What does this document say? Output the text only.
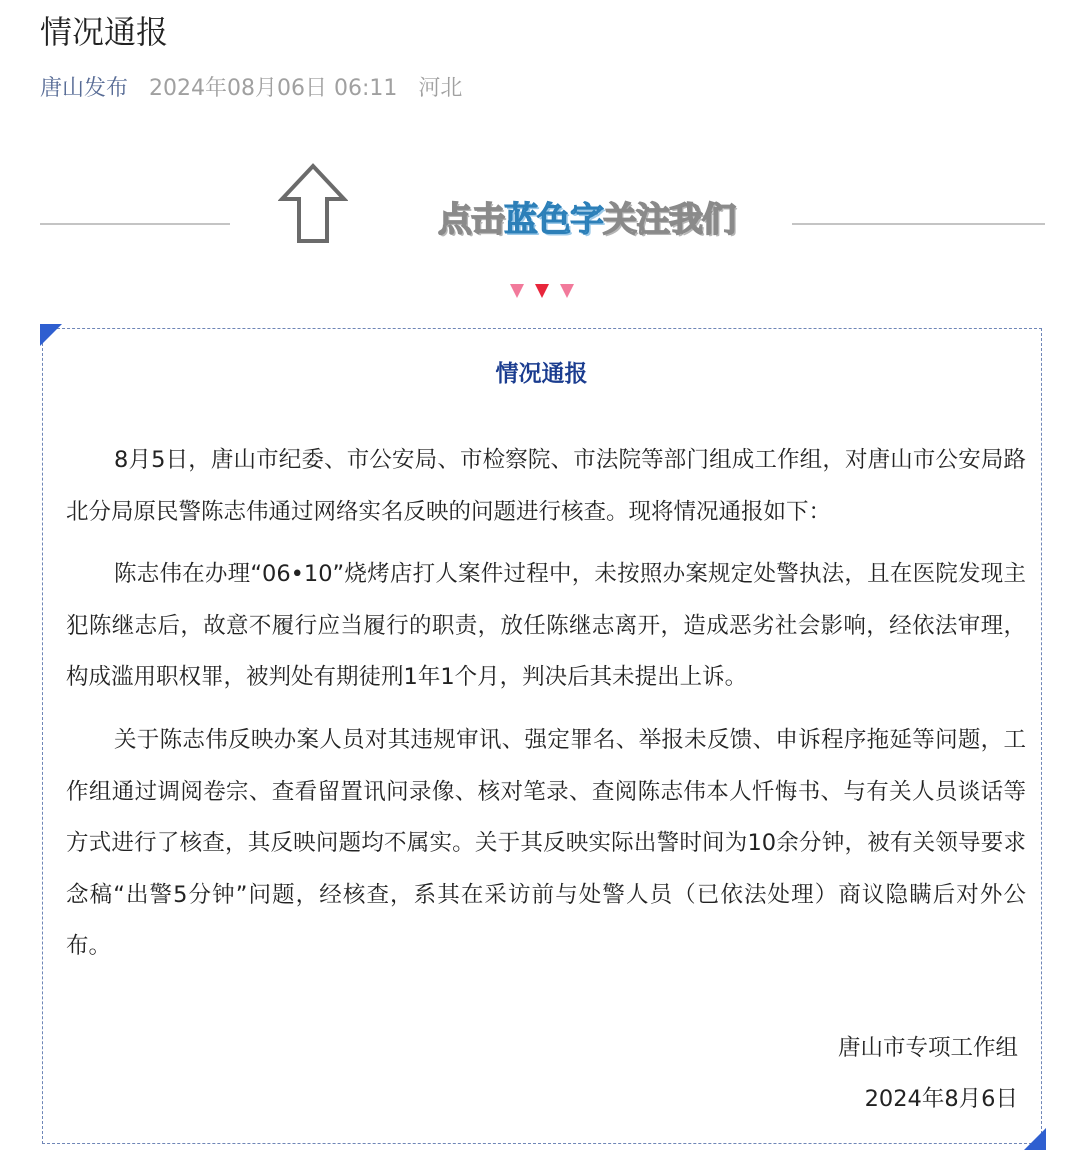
情况通报
唐山发布 2024年08月06日 06:11 河北
点击蓝色字关注我们
情况通报

8月5日，唐山市纪委、市公安局、市检察院、市法院等部门组成工作组，对唐山市公安局路北分局原民警陈志伟通过网络实名反映的问题进行核查。现将情况通报如下：

陈志伟在办理“06•10”烧烤店打人案件过程中，未按照办案规定处警执法，且在医院发现主犯陈继志后，故意不履行应当履行的职责，放任陈继志离开，造成恶劣社会影响，经依法审理，构成滥用职权罪，被判处有期徒刑1年1个月，判决后其未提出上诉。

关于陈志伟反映办案人员对其违规审讯、强定罪名、举报未反馈、申诉程序拖延等问题，工作组通过调阅卷宗、查看留置讯问录像、核对笔录、查阅陈志伟本人忏悔书、与有关人员谈话等方式进行了核查，其反映问题均不属实。关于其反映实际出警时间为10余分钟，被有关领导要求念稿“出警5分钟”问题，经核查，系其在采访前与处警人员（已依法处理）商议隐瞒后对外公布。

唐山市专项工作组
2024年8月6日
